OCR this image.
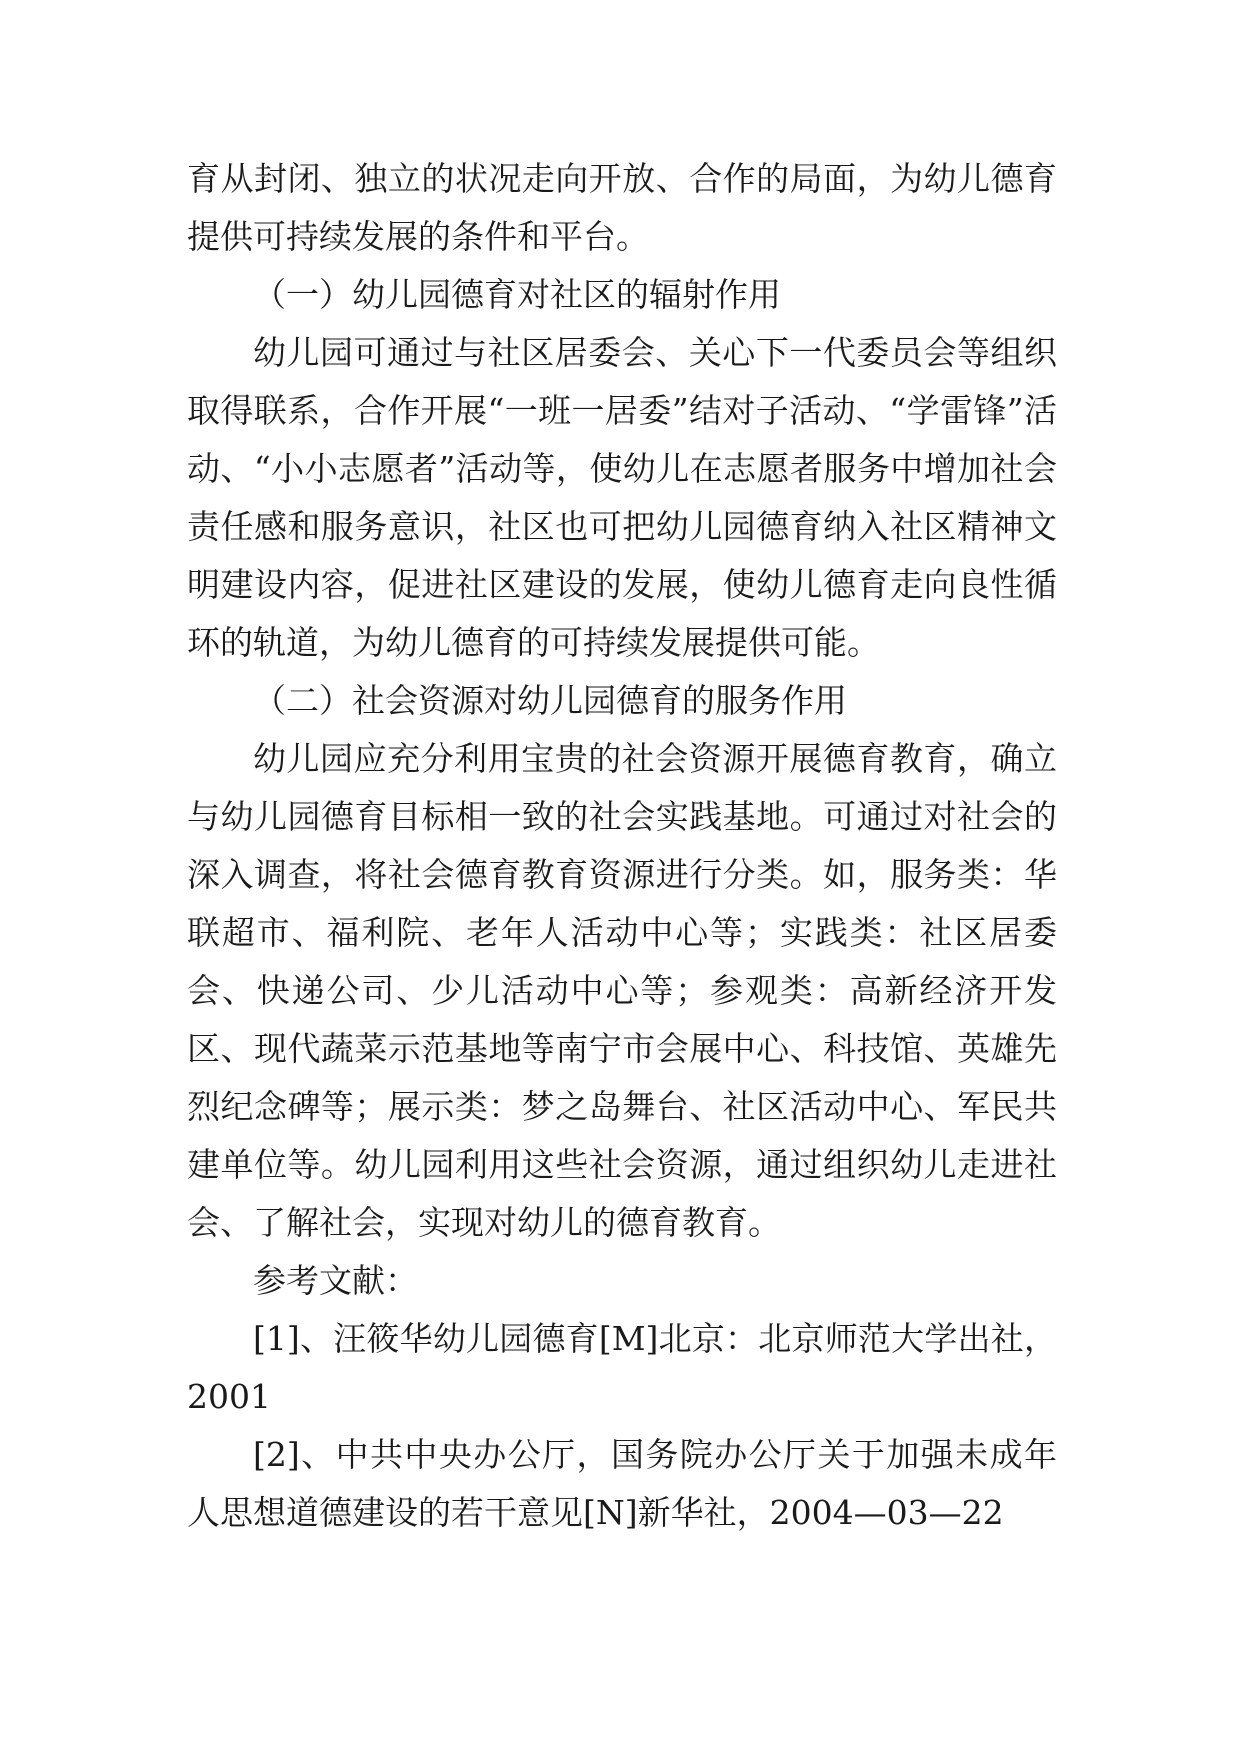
育从封闭、独立的状况走向开放、合作的局面，为幼儿德育提供可持续发展的条件和平台。

（一）幼儿园德育对社区的辐射作用

幼儿园可通过与社区居委会、关心下一代委员会等组织取得联系，合作开展“一班一居委”结对子活动、“学雷锋”活动、“小小志愿者”活动等，使幼儿在志愿者服务中增加社会责任感和服务意识，社区也可把幼儿园德育纳入社区精神文明建设内容，促进社区建设的发展，使幼儿德育走向良性循环的轨道，为幼儿德育的可持续发展提供可能。

（二）社会资源对幼儿园德育的服务作用

幼儿园应充分利用宝贵的社会资源开展德育教育，确立与幼儿园德育目标相一致的社会实践基地。可通过对社会的深入调查，将社会德育教育资源进行分类。如，服务类：华联超市、福利院、老年人活动中心等；实践类：社区居委会、快递公司、少儿活动中心等；参观类：高新经济开发区、现代蔬菜示范基地等南宁市会展中心、科技馆、英雄先烈纪念碑等；展示类：梦之岛舞台、社区活动中心、军民共建单位等。幼儿园利用这些社会资源，通过组织幼儿走进社会、了解社会，实现对幼儿的德育教育。

参考文献：

[1]、汪筱华幼儿园德育[M]北京：北京师范大学出社，2001

[2]、中共中央办公厅，国务院办公厅关于加强未成年人思想道德建设的若干意见[N]新华社，2004—03—22
